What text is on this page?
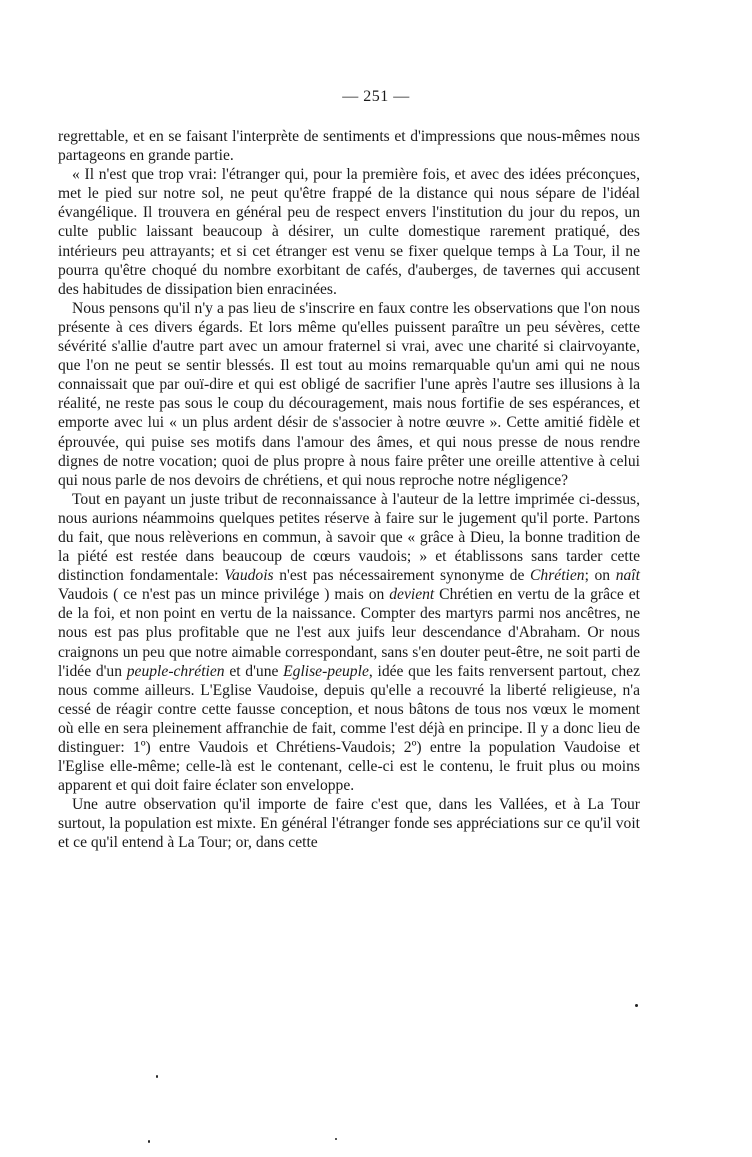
— 251 —

regrettable, et en se faisant l'interprète de sentiments et d'impressions que nous-mêmes nous partageons en grande partie.

« Il n'est que trop vrai: l'étranger qui, pour la première fois, et avec des idées préconçues, met le pied sur notre sol, ne peut qu'être frappé de la distance qui nous sépare de l'idéal évangélique. Il trouvera en général peu de respect envers l'institution du jour du repos, un culte public laissant beaucoup à désirer, un culte domestique rarement pratiqué, des intérieurs peu attrayants; et si cet étranger est venu se fixer quelque temps à La Tour, il ne pourra qu'être choqué du nombre exorbitant de cafés, d'auberges, de tavernes qui accusent des habitudes de dissipation bien enracinées.

Nous pensons qu'il n'y a pas lieu de s'inscrire en faux contre les observations que l'on nous présente à ces divers égards. Et lors même qu'elles puissent paraître un peu sévères, cette sévérité s'allie d'autre part avec un amour fraternel si vrai, avec une charité si clairvoyante, que l'on ne peut se sentir blessés. Il est tout au moins remarquable qu'un ami qui ne nous connaissait que par ouï-dire et qui est obligé de sacrifier l'une après l'autre ses illusions à la réalité, ne reste pas sous le coup du découragement, mais nous fortifie de ses espérances, et emporte avec lui « un plus ardent désir de s'associer à notre œuvre ». Cette amitié fidèle et éprouvée, qui puise ses motifs dans l'amour des âmes, et qui nous presse de nous rendre dignes de notre vocation; quoi de plus propre à nous faire prêter une oreille attentive à celui qui nous parle de nos devoirs de chrétiens, et qui nous reproche notre négligence?

Tout en payant un juste tribut de reconnaissance à l'auteur de la lettre imprimée ci-dessus, nous aurions néammoins quelques petites réserve à faire sur le jugement qu'il porte. Partons du fait, que nous relèverions en commun, à savoir que « grâce à Dieu, la bonne tradition de la piété est restée dans beaucoup de cœurs vaudois; » et établissons sans tarder cette distinction fondamentale: Vaudois n'est pas nécessairement synonyme de Chrétien; on naît Vaudois ( ce n'est pas un mince privilége ) mais on devient Chrétien en vertu de la grâce et de la foi, et non point en vertu de la naissance. Compter des martyrs parmi nos ancêtres, ne nous est pas plus profitable que ne l'est aux juifs leur descendance d'Abraham. Or nous craignons un peu que notre aimable correspondant, sans s'en douter peut-être, ne soit parti de l'idée d'un peuple-chrétien et d'une Eglise-peuple, idée que les faits renversent partout, chez nous comme ailleurs. L'Eglise Vaudoise, depuis qu'elle a recouvré la liberté religieuse, n'a cessé de réagir contre cette fausse conception, et nous bâtons de tous nos vœux le moment où elle en sera pleinement affranchie de fait, comme l'est déjà en principe. Il y a donc lieu de distinguer: 1º) entre Vaudois et Chrétiens-Vaudois; 2º) entre la population Vaudoise et l'Eglise elle-même; celle-là est le contenant, celle-ci est le contenu, le fruit plus ou moins apparent et qui doit faire éclater son enveloppe.

Une autre observation qu'il importe de faire c'est que, dans les Vallées, et à La Tour surtout, la population est mixte. En général l'étranger fonde ses appréciations sur ce qu'il voit et ce qu'il entend à La Tour; or, dans cette
